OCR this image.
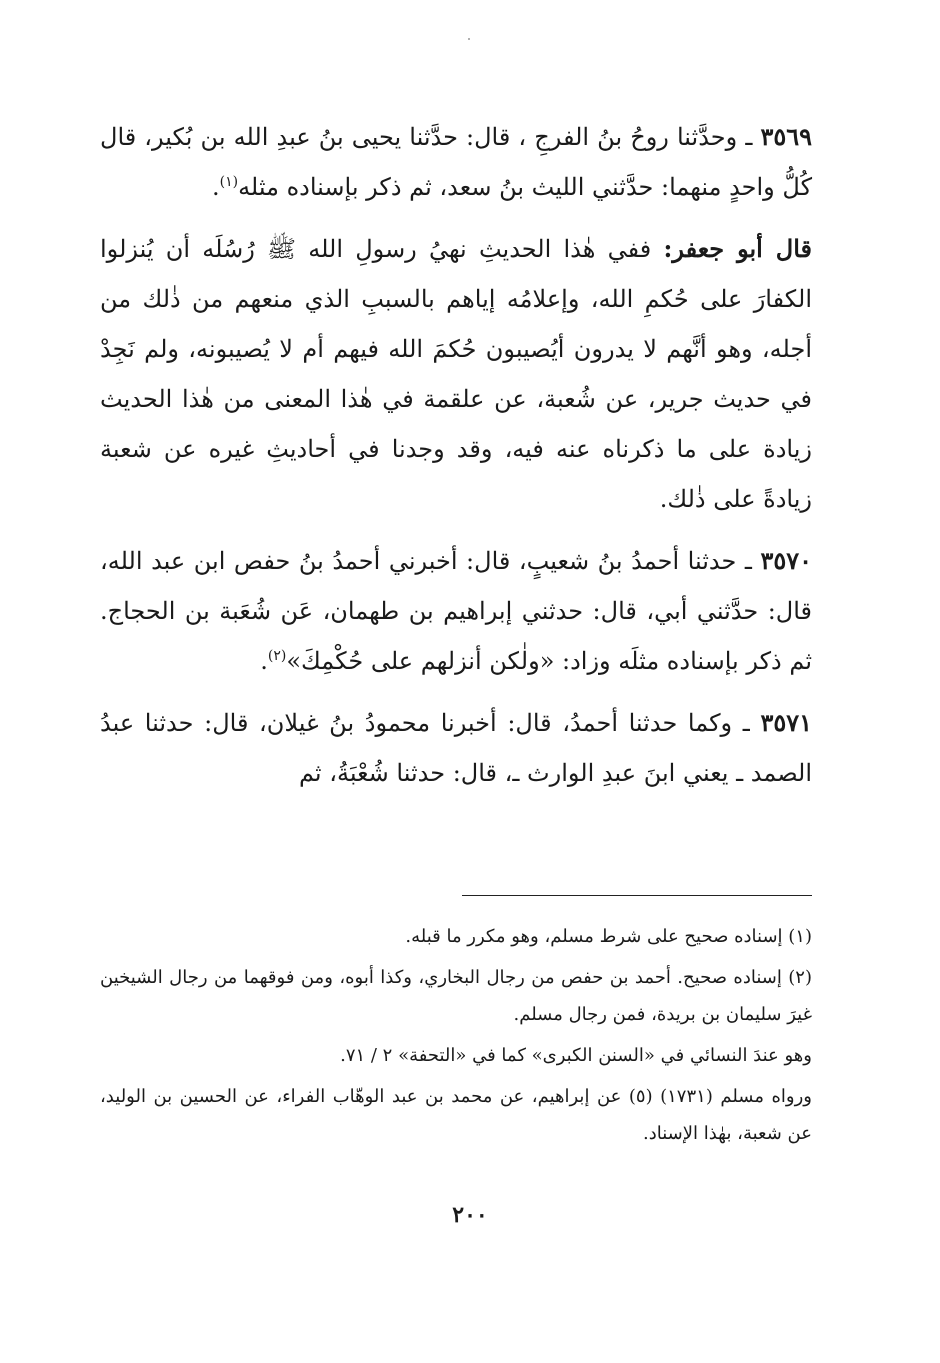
٣٥٦٩ ـ وحدَّثنا روحُ بنُ الفرجِ ، قال: حدَّثنا يحيى بنُ عبدِ الله بن بُكير، قال كُلُّ واحدٍ منهما: حدَّثني الليث بنُ سعد، ثم ذكر بإسناده مثله$^{(١)}$.

قال أبو جعفر: ففي هٰذا الحديثِ نهيُ رسولِ الله ﷺ رُسُلَه أن يُنزلوا الكفارَ على حُكمِ الله، وإعلامُه إياهم بالسببِ الذي منعهم من ذٰلك من أجله، وهو أنَّهم لا يدرون أيُصيبون حُكمَ الله فيهم أم لا يُصيبونه، ولم نَجِدْ في حديث جرير، عن شُعبة، عن علقمة في هٰذا المعنى من هٰذا الحديث زيادة على ما ذكرناه عنه فيه، وقد وجدنا في أحاديثِ غيره عن شعبة زيادةً على ذٰلك.

٣٥٧٠ ـ حدثنا أحمدُ بنُ شعيبٍ، قال: أخبرني أحمدُ بنُ حفص ابن عبد الله، قال: حدَّثني أبي، قال: حدثني إبراهيم بن طهمان، عَن شُعَبة بن الحجاج. ثم ذكر بإسناده مثلَه وزاد: «ولٰكن أنزلهم على حُكْمِكَ»$^{(٢)}$.

٣٥٧١ ـ وكما حدثنا أحمدُ، قال: أخبرنا محمودُ بنُ غيلان، قال: حدثنا عبدُ الصمد ـ يعني ابنَ عبدِ الوارث ـ، قال: حدثنا شُعْبَةُ، ثم

(١) إسناده صحيح على شرط مسلم، وهو مكرر ما قبله.

(٢) إسناده صحيح. أحمد بن حفص من رجال البخاري، وكذا أبوه، ومن فوقهما من رجال الشيخين غيرَ سليمان بن بريدة، فمن رجال مسلم.

وهو عندَ النسائي في «السنن الكبرى» كما في «التحفة» ٢ / ٧١.

ورواه مسلم (١٧٣١) (٥) عن إبراهيم، عن محمد بن عبد الوهّاب الفراء، عن الحسين بن الوليد، عن شعبة، بهٰذا الإسناد.

٢٠٠
